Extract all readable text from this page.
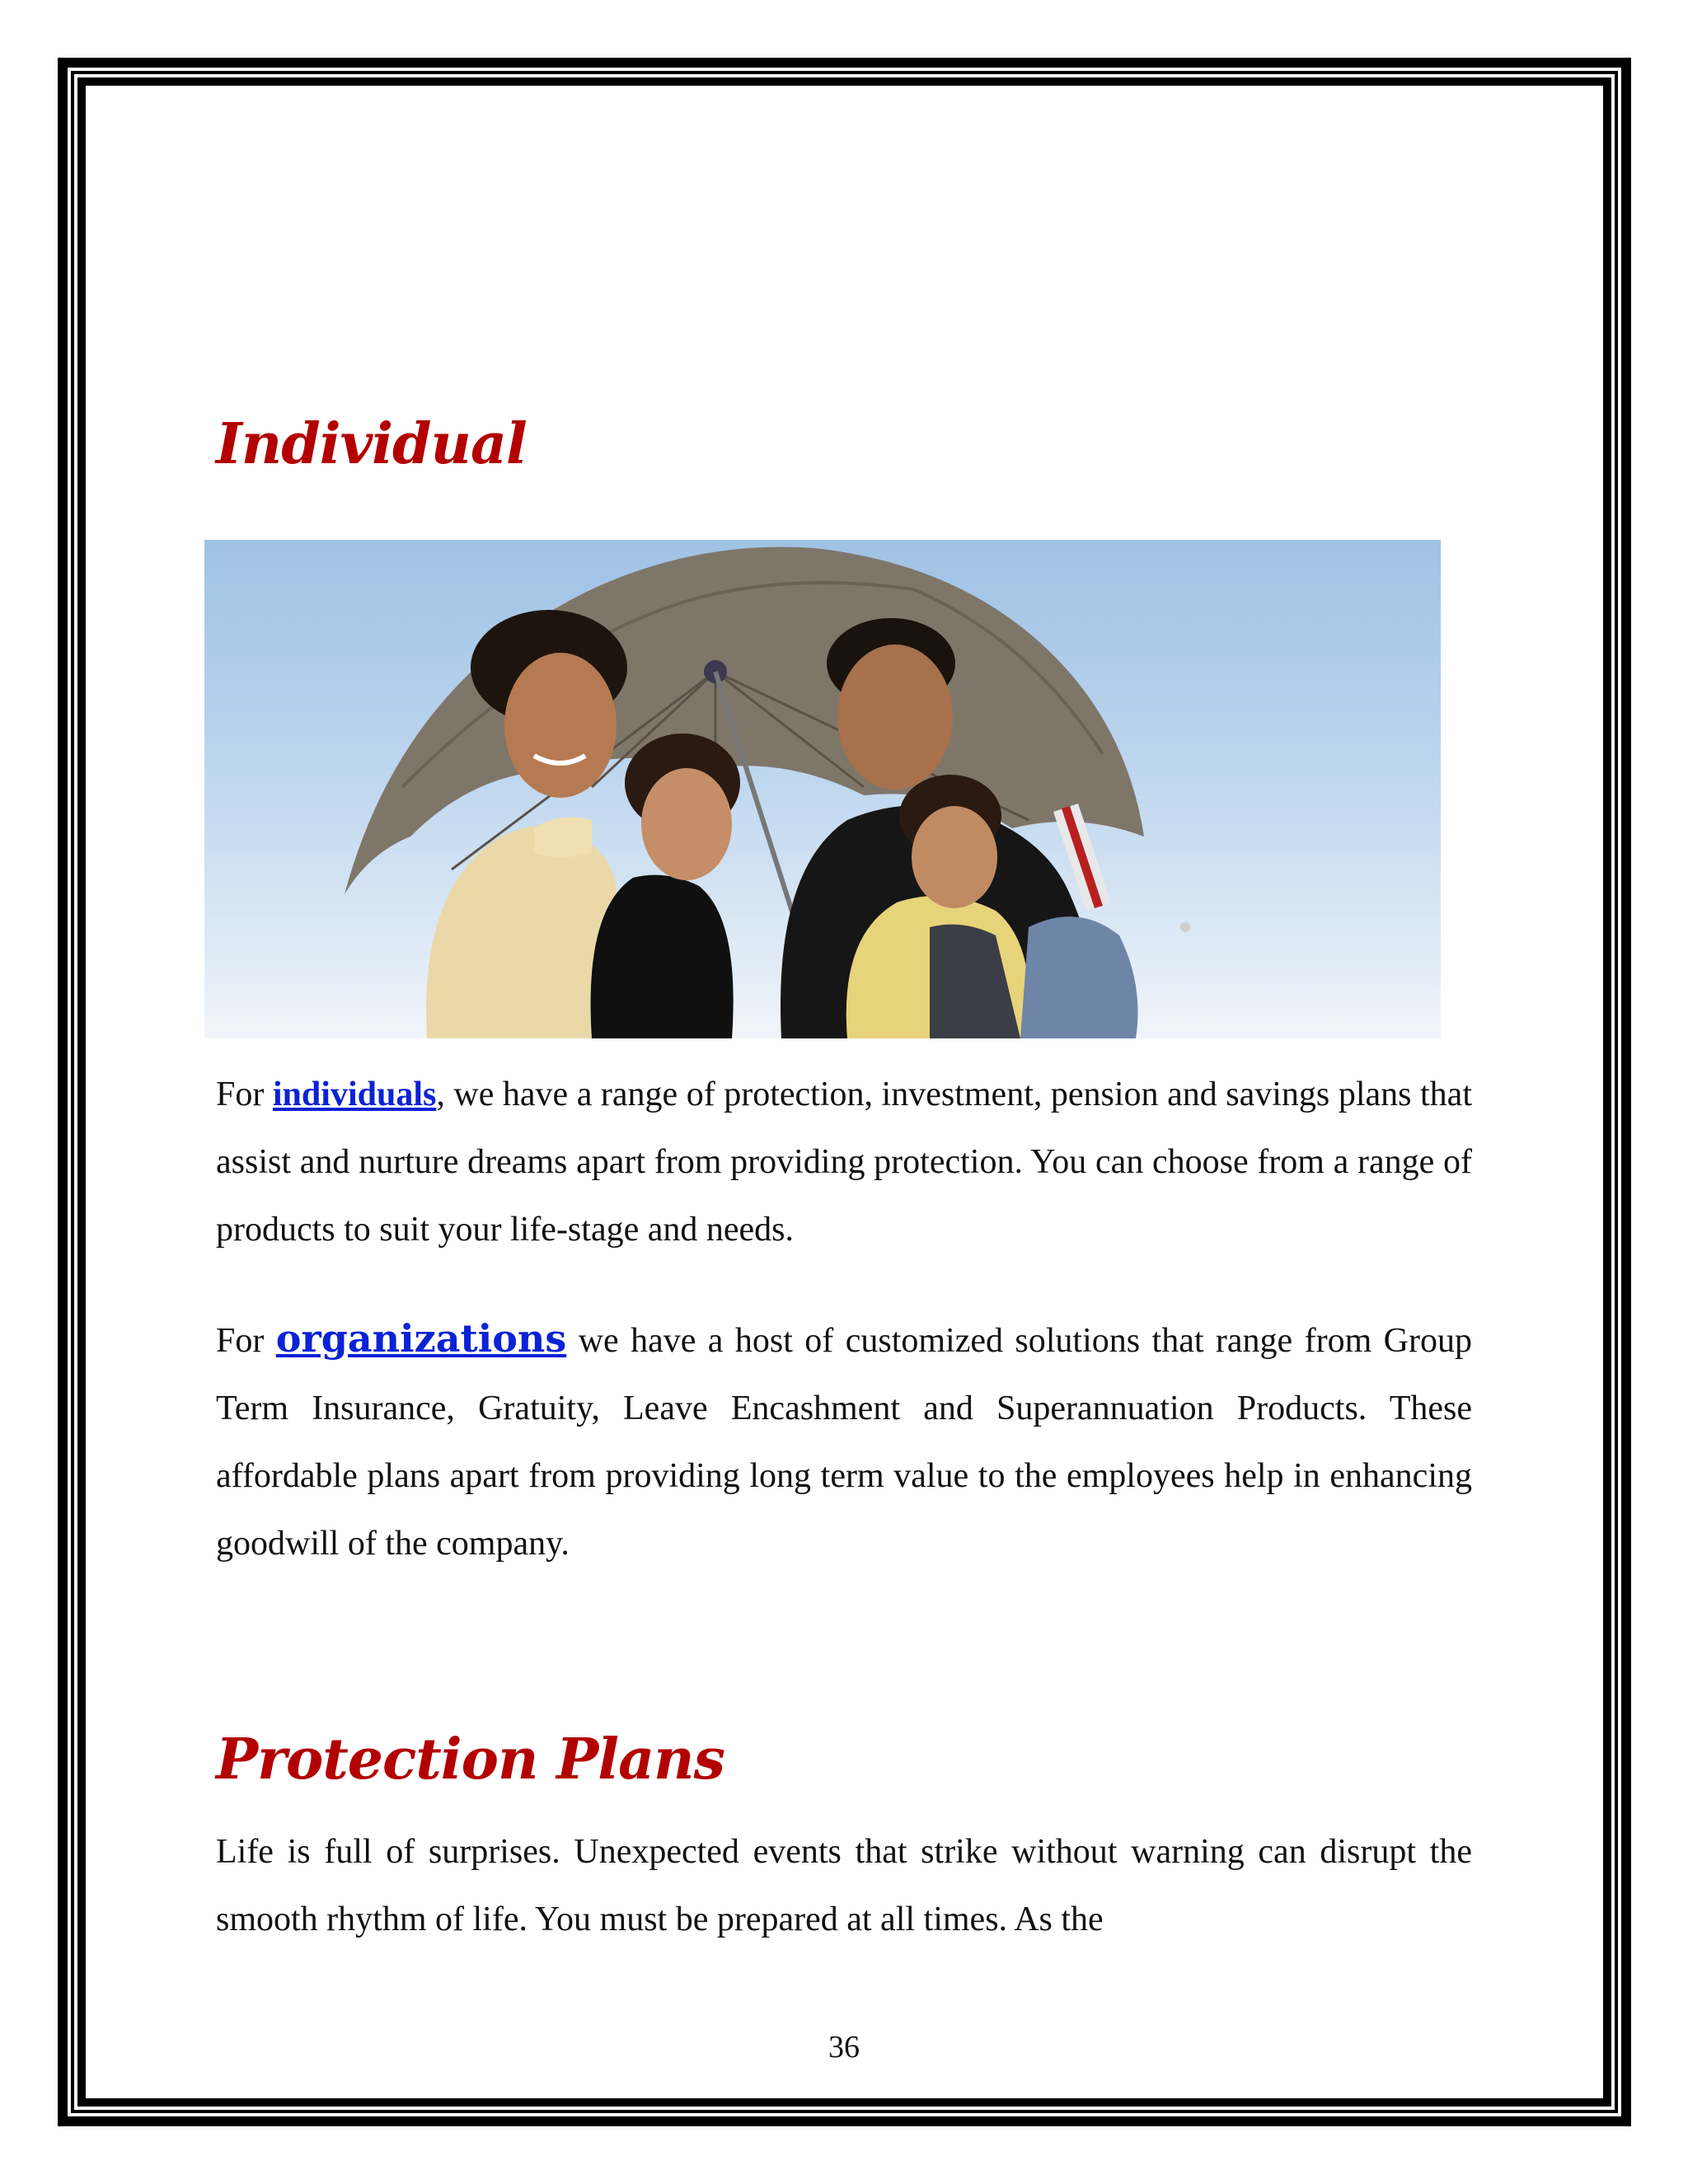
Individual

For individuals, we have a range of protection, investment, pension and savings plans that assist and nurture dreams apart from providing protection. You can choose from a range of products to suit your life-stage and needs.

For organizations we have a host of customized solutions that range from Group Term Insurance, Gratuity, Leave Encashment and Superannuation Products. These affordable plans apart from providing long term value to the employees help in enhancing goodwill of the company.

Protection Plans

Life is full of surprises. Unexpected events that strike without warning can disrupt the smooth rhythm of life. You must be prepared at all times. As the

36
